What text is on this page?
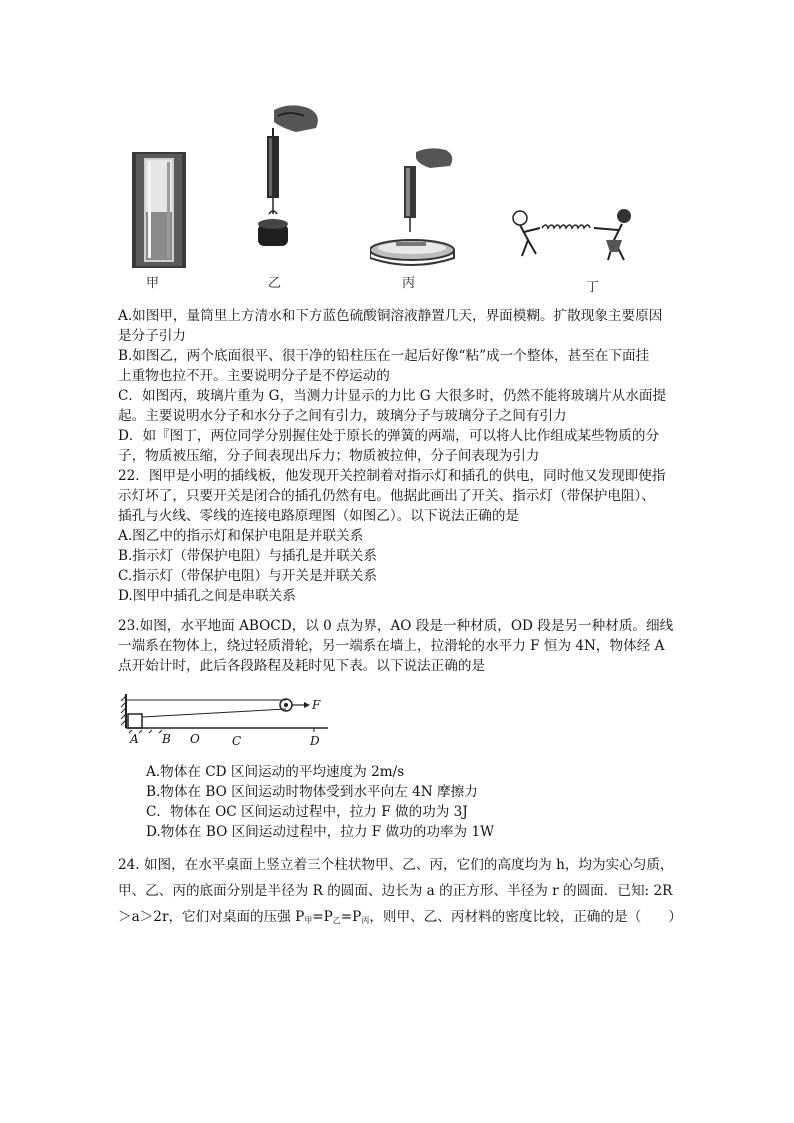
甲	乙	丙	丁

A.如图甲，量筒里上方清水和下方蓝色硫酸铜溶液静置几天，界面模糊。扩散现象主要原因

是分子引力

B.如图乙，两个底面很平、很干净的铅柱压在一起后好像“粘”成一个整体，甚至在下面挂

上重物也拉不开。主要说明分子是不停运动的

C．如图丙，玻璃片重为 G，当测力计显示的力比 G 大很多时，仍然不能将玻璃片从水面提

起。主要说明水分子和水分子之间有引力，玻璃分子与玻璃分子之间有引力

D．如『图丁，两位同学分别握住处于原长的弹簧的两端，可以将人比作组成某些物质的分

子，物质被压缩，分子间表现出斥力；物质被拉伸，分子间表现为引力

22．图甲是小明的插线板，他发现开关控制着对指示灯和插孔的供电，同时他又发现即使指

示灯坏了，只要开关是闭合的插孔仍然有电。他据此画出了开关、指示灯（带保护电阻）、

插孔与火线、零线的连接电路原理图（如图乙）。以下说法正确的是

A.图乙中的指示灯和保护电阻是并联关系

B.指示灯（带保护电阻）与插孔是并联关系

C.指示灯（带保护电阻）与开关是并联关系

D.图甲中插孔之间是串联关系

23.如图，水平地面 ABOCD，以 0 点为界，AO 段是一种材质，OD 段是另一种材质。细线

一端系在物体上，绕过轻质滑轮，另一端系在墙上，拉滑轮的水平力 F 恒为 4N，物体经 A

点开始计时，此后各段路程及耗时见下表。以下说法正确的是

F
A B O	C	D

A.物体在 CD 区间运动的平均速度为 2m/s

B.物体在 BO 区间运动时物体受到水平向左 4N 摩擦力

C．物体在 OC 区间运动过程中，拉力 F 做的功为 3J

D.物体在 BO 区间运动过程中，拉力 F 做功的功率为 1W

24. 如图，在水平桌面上竖立着三个柱状物甲、乙、丙，它们的高度均为 h，均为实心匀质，

甲、乙、丙的底面分别是半径为 R 的圆面、边长为 a 的正方形、半径为 r 的圆面．已知: 2R

＞a＞2r，它们对桌面的压强 $P_甲=P_乙=P_丙$，则甲、乙、丙材料的密度比较，正确的是（　　）
